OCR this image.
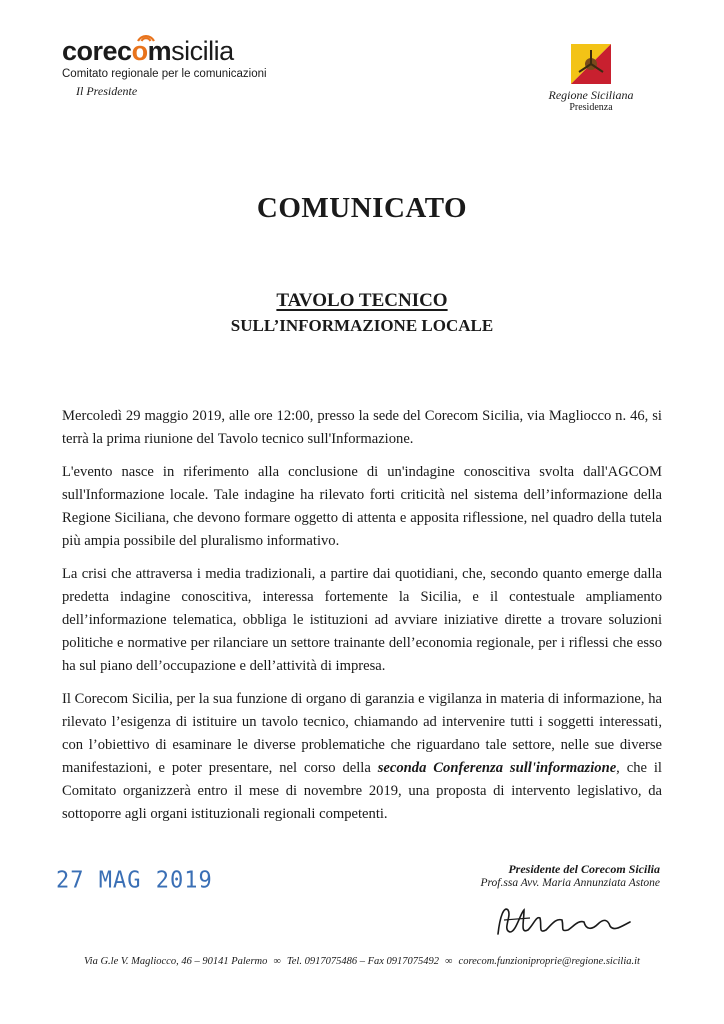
corecomsicilia
Comitato regionale per le comunicazioni
Il Presidente	Regione Siciliana
Presidenza
COMUNICATO
TAVOLO TECNICO
SULL’INFORMAZIONE LOCALE

Mercoledì 29 maggio 2019, alle ore 12:00, presso la sede del Corecom Sicilia, via Magliocco n. 46, si terrà la prima riunione del Tavolo tecnico sull'Informazione.

L'evento nasce in riferimento alla conclusione di un'indagine conoscitiva svolta dall'AGCOM sull'Informazione locale. Tale indagine ha rilevato forti criticità nel sistema dell’informazione della Regione Siciliana, che devono formare oggetto di attenta e apposita riflessione, nel quadro della tutela più ampia possibile del pluralismo informativo.

La crisi che attraversa i media tradizionali, a partire dai quotidiani, che, secondo quanto emerge dalla predetta indagine conoscitiva, interessa fortemente la Sicilia, e il contestuale ampliamento dell’informazione telematica, obbliga le istituzioni ad avviare iniziative dirette a trovare soluzioni politiche e normative per rilanciare un settore trainante dell’economia regionale, per i riflessi che esso ha sul piano dell’occupazione e dell’attività di impresa.

Il Corecom Sicilia, per la sua funzione di organo di garanzia e vigilanza in materia di informazione, ha rilevato l’esigenza di istituire un tavolo tecnico, chiamando ad intervenire tutti i soggetti interessati, con l’obiettivo di esaminare le diverse problematiche che riguardano tale settore, nelle sue diverse manifestazioni, e poter presentare, nel corso della seconda Conferenza sull'informazione, che il Comitato organizzerà entro il mese di novembre 2019, una proposta di intervento legislativo, da sottoporre agli organi istituzionali regionali competenti.

27 MAG 2019	Presidente del Corecom Sicilia
Prof.ssa Avv. Maria Annunziata Astone
Via G.le V. Magliocco, 46 – 90141 Palermo ∞ Tel. 0917075486 – Fax 0917075492 ∞ corecom.funzioniproprie@regione.sicilia.it
